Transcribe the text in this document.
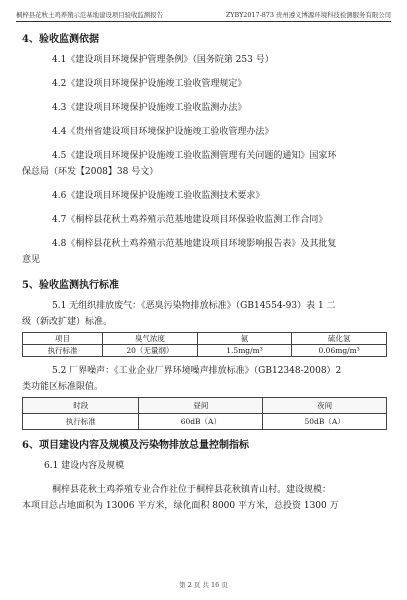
桐梓县花秋土鸡养殖示范基地建设项目验收监测报告	ZYBY2017-873 贵州遵义博源环境科技检测服务有限公司
4、验收监测依据
4.1《建设项目环境保护管理条例》（国务院第 253 号）
4.2《建设项目环境保护设施竣工验收管理规定》
4.3《建设项目环境保护设施竣工验收监测办法》
4.4《贵州省建设项目环境保护设施竣工验收管理办法》
4.5《建设项目环境保护设施竣工验收监测管理有关问题的通知》国家环
保总局（环发【2008】38 号文）
4.6《建设项目环境保护设施竣工验收监测技术要求》
4.7《桐梓县花秋土鸡养殖示范基地建设项目环保验收监测工作合同》
4.8《桐梓县花秋土鸡养殖示范基地建设项目环境影响报告表》及其批复
意见
5、验收监测执行标准
5.1 无组织排放废气：《恶臭污染物排放标准》（GB14554-93）表 1 二
级（新改扩建）标准。
项目	臭气浓度	氨	硫化氢
执行标准	20（无量纲）	1.5mg/m³	0.06mg/m³
5.2 厂界噪声：《工业企业厂界环境噪声排放标准》（GB12348-2008）2
类功能区标准限值。
时段	昼间	夜间
执行标准	60dB（A）	50dB（A）
6、项目建设内容及规模及污染物排放总量控制指标
6.1 建设内容及规模
桐梓县花秋土鸡养殖专业合作社位于桐梓县花秋镇青山村。建设规模：
本项目总占地面积为 13006 平方米，绿化面积 8000 平方米，总投资 1300 万
第 2 页 共 16 页
